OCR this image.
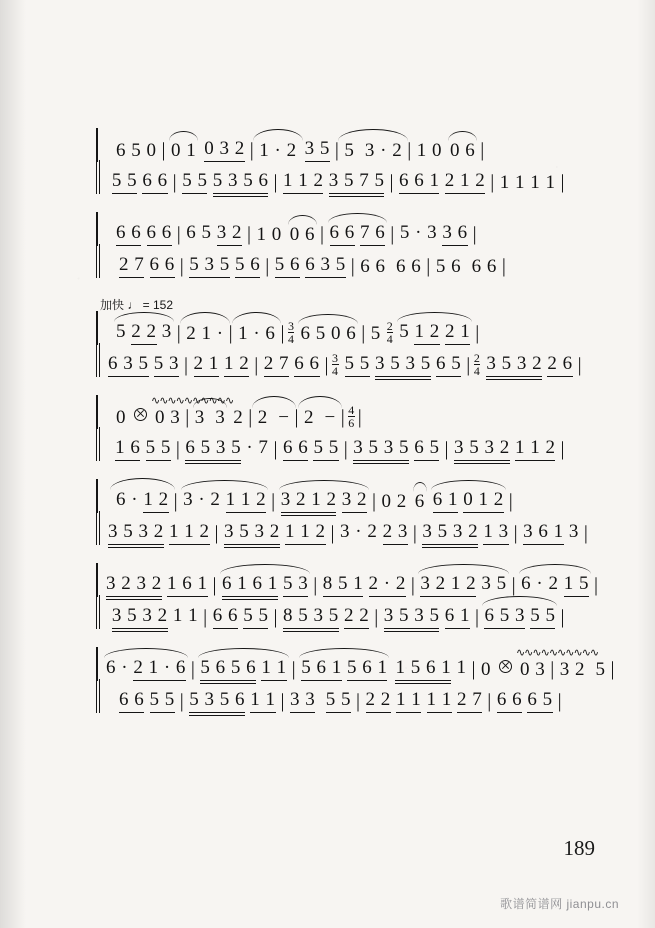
6 5 0 | 0 1 0 3 2 | 1 · 2 3 5 | 5  3 · 2 | 1 0 0 6 |
5 5 6 6 | 5 5 5 3 5 6 | 1 1 2 3 5 7 5 | 6 6 1 2 1 2 | 1 1 1 1 |
6 6 6 6 | 6 5 3 2 | 1 0 0 6 | 6 6 7 6 | 5 · 3 3 6 |
2 7 6 6 | 5 3 5 5 6 | 5 6 6 3 5 | 6 6 6 6 | 5 6  6 6 |
加快 ♩ = 152
5 2 2 3 | 2 1 · | 1 · 6 | $\frac{3}{4} 6$ 5 0 6 | $5 \frac{2}{4} 5$ 1 2 2 1 |
6 3 5 5 3 | 2 1 1 2 | 2 7 6 6 | $\frac{3}{4} 5$ 5 3 5 3 5 6 5 | $\frac{2}{4} 3$ 5 3 2 2 6 |
0
∿∿∿∿∿∿∿∿∿∿
0 3 | 3  3 2 | 2  − | 2  − | $\frac{4}{6}$ |
1 6 5 5 | 6 5 3 5 · 7 | 6 6 5 5 | 3 5 3 5 6 5 | 3 5 3 2 1 1 2 |
6 · 1 2 | 3 · 2 1 1 2 | 3 2 1 2 3 2 | 0 2 6 6 1 0 1 2 |
3 5 3 2 1 1 2 | 3 5 3 2 1 1 2 | 3 · 2 2 3 | 3 5 3 2 1 3 | 3 6 1 3 |
3 2 3 2 1 6 1 | 6 1 6 1 5 3 | 8 5 1 2 · 2 | 3 2 1 2 3 5 | 6 · 2 1 5 |
3 5 3 2 1 1 | 6 6 5 5 | 8 5 3 5 2 2 | 3 5 3 5 6 1 | 6 5 3 5 5 |
6 · 2 1 · 6 | 5 6 5 6 1 1 | 5 6 1 5 6 1 1 5 6 1 1 | 0
∿∿∿∿∿∿∿∿∿∿
0 3 | 3 2  5 |
6 6 5 5 | 5 3 5 6 1 1 | 3 3 5 5 | 2 2 1 1 1 1 2 7 | 6 6 6 5 |
189
歌谱简谱网 jianpu.cn
